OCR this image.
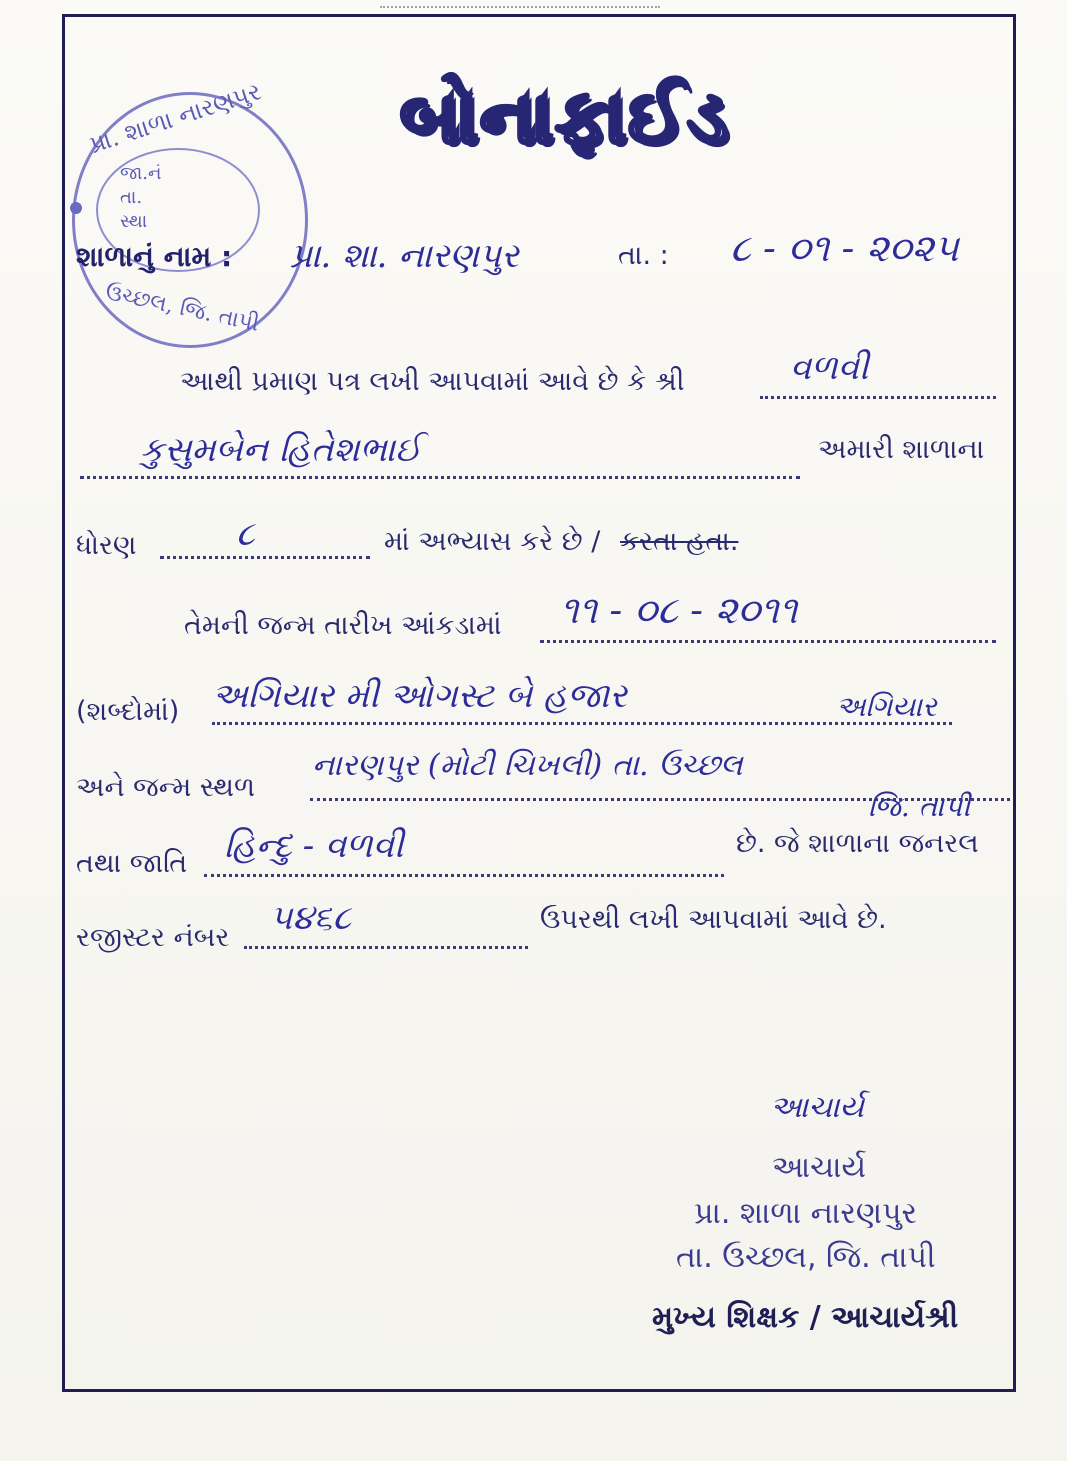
બોનાફાઈડ
પ્રા. શાળા નારણપુર
જા.નં
તા.
સ્થા
ઉચ્છલ, જિ. તાપી
શાળાનું નામ : પ્રા. શા. નારણપુર	તા. : ૮ - ૦૧ - ૨૦૨૫
આથી પ્રમાણ પત્ર લખી આપવામાં આવે છે કે શ્રી	વળવી
કુસુમબેન હિતેશભાઈ	અમારી શાળાના
ધોરણ	૮	માં અભ્યાસ કરે છે / કરતા હતા.
તેમની જન્મ તારીખ આંકડામાં ૧૧ - ૦૮ - ૨૦૧૧
(શબ્દોમાં) અગિયાર મી ઓગસ્ટ બે હજાર	અગિયાર
અને જન્મ સ્થળ
નારણપુર (મોટી ચિખલી) તા. ઉચ્છલ
જિ. તાપી
તથા જાતિ હિન્દુ - વળવી	છે. જે શાળાના જનરલ
રજીસ્ટર નંબર ૫૪૬૮	ઉપરથી લખી આપવામાં આવે છે.
આચાર્ય
આચાર્ય
પ્રા. શાળા નારણપુર
તા. ઉચ્છલ, જિ. તાપી
મુખ્ય શિક્ષક / આચાર્યશ્રી
